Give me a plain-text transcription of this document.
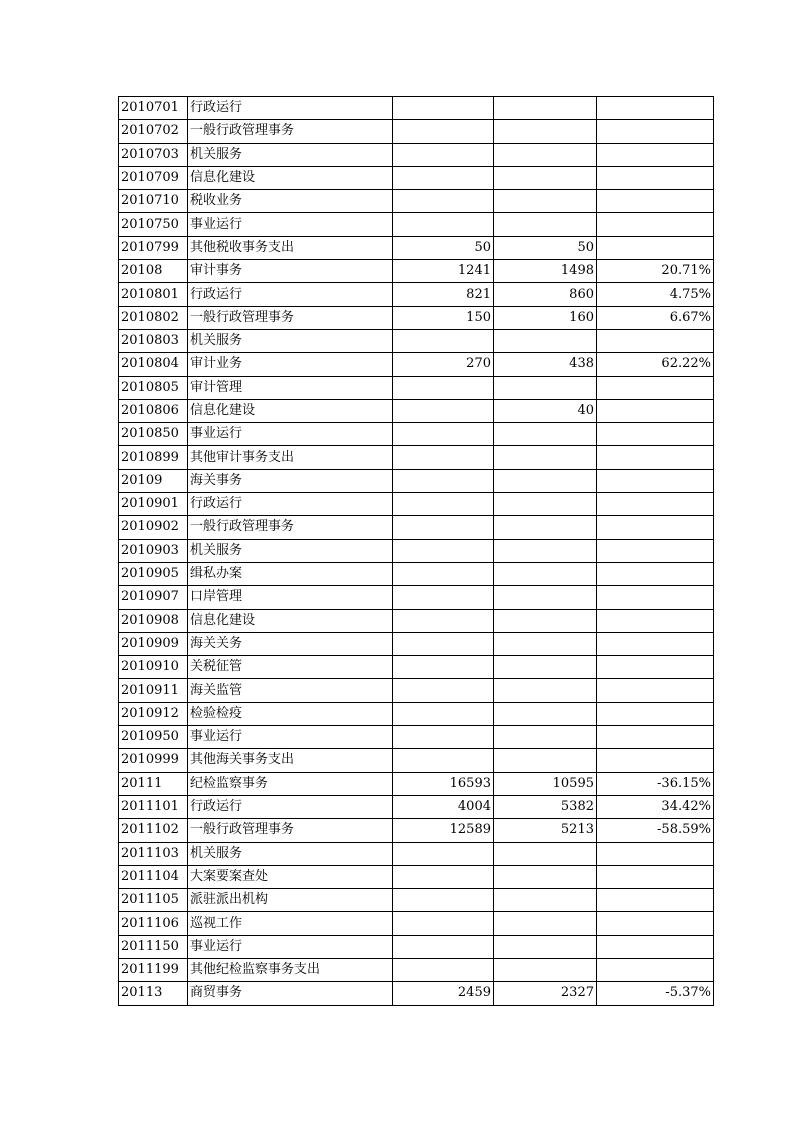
2010701	行政运行			
2010702	一般行政管理事务			
2010703	机关服务			
2010709	信息化建设			
2010710	税收业务			
2010750	事业运行			
2010799	其他税收事务支出	50	50	
20108	审计事务	1241	1498	20.71%
2010801	行政运行	821	860	4.75%
2010802	一般行政管理事务	150	160	6.67%
2010803	机关服务			
2010804	审计业务	270	438	62.22%
2010805	审计管理			
2010806	信息化建设		40	
2010850	事业运行			
2010899	其他审计事务支出			
20109	海关事务			
2010901	行政运行			
2010902	一般行政管理事务			
2010903	机关服务			
2010905	缉私办案			
2010907	口岸管理			
2010908	信息化建设			
2010909	海关关务			
2010910	关税征管			
2010911	海关监管			
2010912	检验检疫			
2010950	事业运行			
2010999	其他海关事务支出			
20111	纪检监察事务	16593	10595	-36.15%
2011101	行政运行	4004	5382	34.42%
2011102	一般行政管理事务	12589	5213	-58.59%
2011103	机关服务			
2011104	大案要案查处			
2011105	派驻派出机构			
2011106	巡视工作			
2011150	事业运行			
2011199	其他纪检监察事务支出			
20113	商贸事务	2459	2327	-5.37%
